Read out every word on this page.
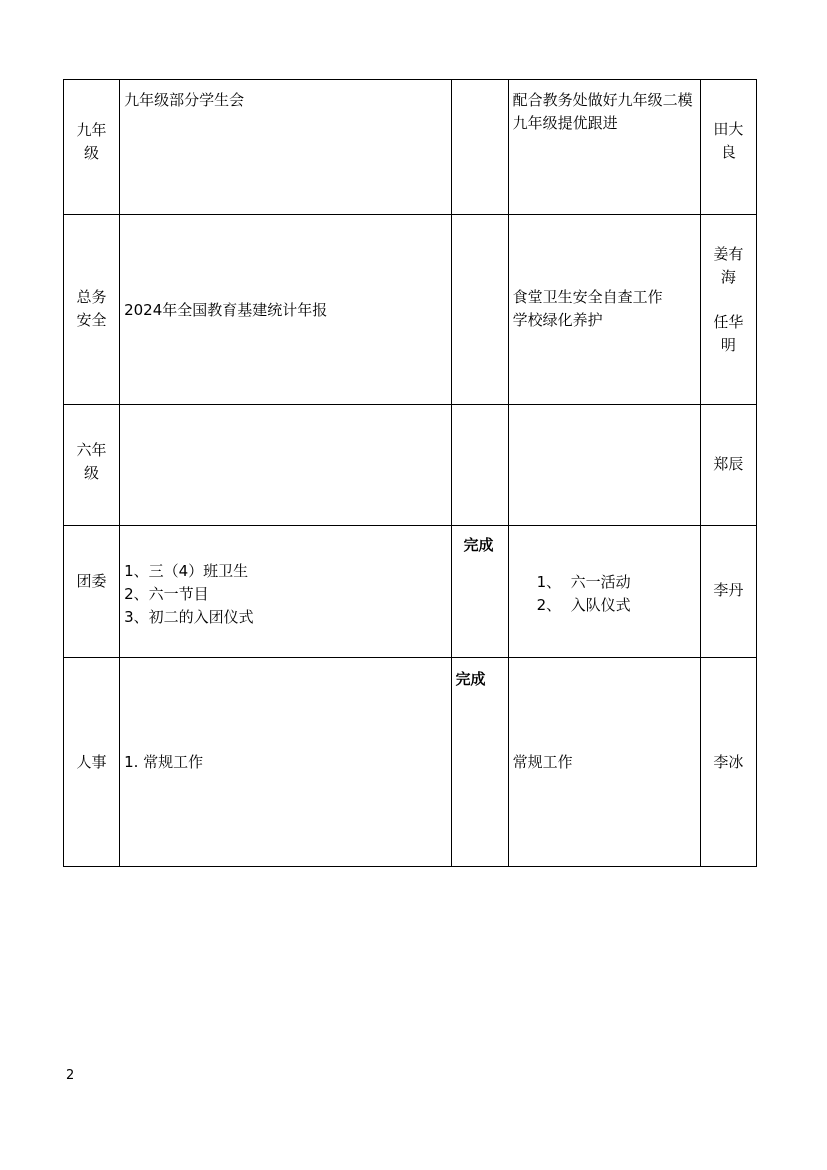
九年级	九年级部分学生会		配合教务处做好九年级二模
九年级提优跟进	田大良

总务安全	2024年全国教育基建统计年报		食堂卫生安全自查工作
学校绿化养护	姜有海
任华明

六年级				郑辰

团委	1、三（4）班卫生
2、六一节目
3、初二的入团仪式	完成	1、 六一活动
2、 入队仪式	李丹

人事	1. 常规工作	完成	常规工作	李冰
2
